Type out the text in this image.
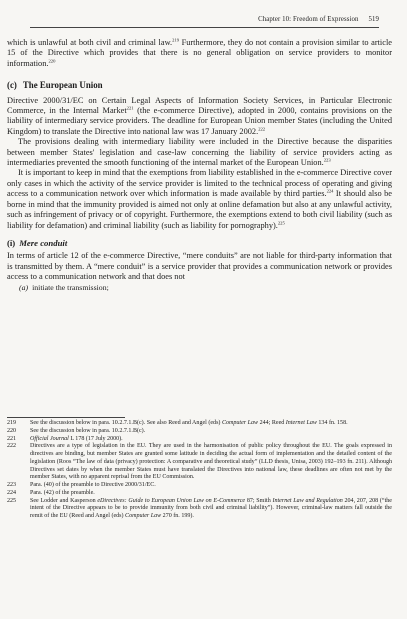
Chapter 10: Freedom of Expression 519

which is unlawful at both civil and criminal law.$^{219}$ Furthermore, they do not contain a provision similar to article 15 of the Directive which provides that there is no general obligation on service providers to monitor information.$^{220}$

(c) The European Union

Directive 2000/31/EC on Certain Legal Aspects of Information Society Services, in Particular Electronic Commerce, in the Internal Market$^{221}$ (the e-commerce Directive), adopted in 2000, contains provisions on the liability of intermediary service providers. The deadline for European Union member States (including the United Kingdom) to translate the Directive into national law was 17 January 2002.$^{222}$

The provisions dealing with intermediary liability were included in the Directive because the disparities between member States' legislation and case-law concerning the liability of service providers acting as intermediaries prevented the smooth functioning of the internal market of the European Union.$^{223}$

It is important to keep in mind that the exemptions from liability established in the e-commerce Directive cover only cases in which the activity of the service provider is limited to the technical process of operating and giving access to a communication network over which information is made available by third parties.$^{224}$ It should also be borne in mind that the immunity provided is aimed not only at online defamation but also at any unlawful activity, such as infringement of privacy or of copyright. Furthermore, the exemptions extend to both civil liability (such as liability for defamation) and criminal liability (such as liability for pornography).$^{225}$

(i) Mere conduit

In terms of article 12 of the e-commerce Directive, “mere conduits” are not liable for third-party information that is transmitted by them. A “mere conduit” is a service provider that provides a communication network or provides access to a communication network and that does not

(a) initiate the transmission;

219	See the discussion below in para. 10.2.7.1.B(c). See also Reed and Angel (eds) Computer Law 244; Reed Internet Law 134 fn. 158.
220	See the discussion below in para. 10.2.7.1.B(c).
221	Official Journal L 178 (17 July 2000).
222	Directives are a type of legislation in the EU. They are used in the harmonisation of public policy throughout the EU. The goals expressed in directives are binding, but member States are granted some latitude in deciding the actual form of implementation and the detailed content of the legislation (Roos “The law of data (privacy) protection: A comparative and theoretical study” (LLD thesis, Unisa, 2003) 192–193 fn. 211). Although Directives set dates by when the member States must have translated the Directives into national law, these deadlines are often not met by the member States, with no apparent reprisal from the EU Commission.
223	Para. (40) of the preamble to Directive 2000/31/EC.
224	Para. (42) of the preamble.
225	See Lodder and Kasperson eDirectives: Guide to European Union Law on E-Commerce 87; Smith Internet Law and Regulation 204, 207, 208 (“the intent of the Directive appears to be to provide immunity from both civil and criminal liability”). However, criminal-law matters fall outside the remit of the EU (Reed and Angel (eds) Computer Law 270 fn. 199).
